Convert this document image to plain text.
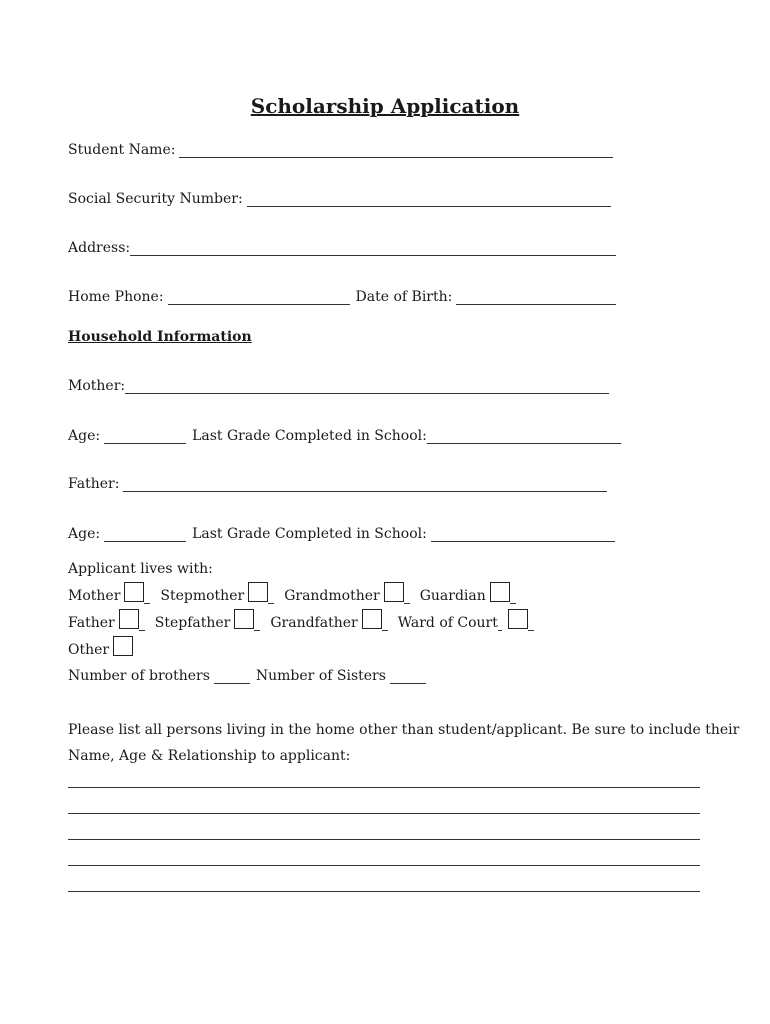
Scholarship Application
Student Name:
Social Security Number:
Address:
Home Phone:	Date of Birth:
Household Information
Mother:
Age:	Last Grade Completed in School:
Father:
Age:	Last Grade Completed in School:
Applicant lives with:
Mother	Stepmother	Grandmother	Guardian
Father	Stepfather	Grandfather	Ward of Court
Other
Number of brothers	Number of Sisters
Please list all persons living in the home other than student/applicant. Be sure to include their
Name, Age & Relationship to applicant:
